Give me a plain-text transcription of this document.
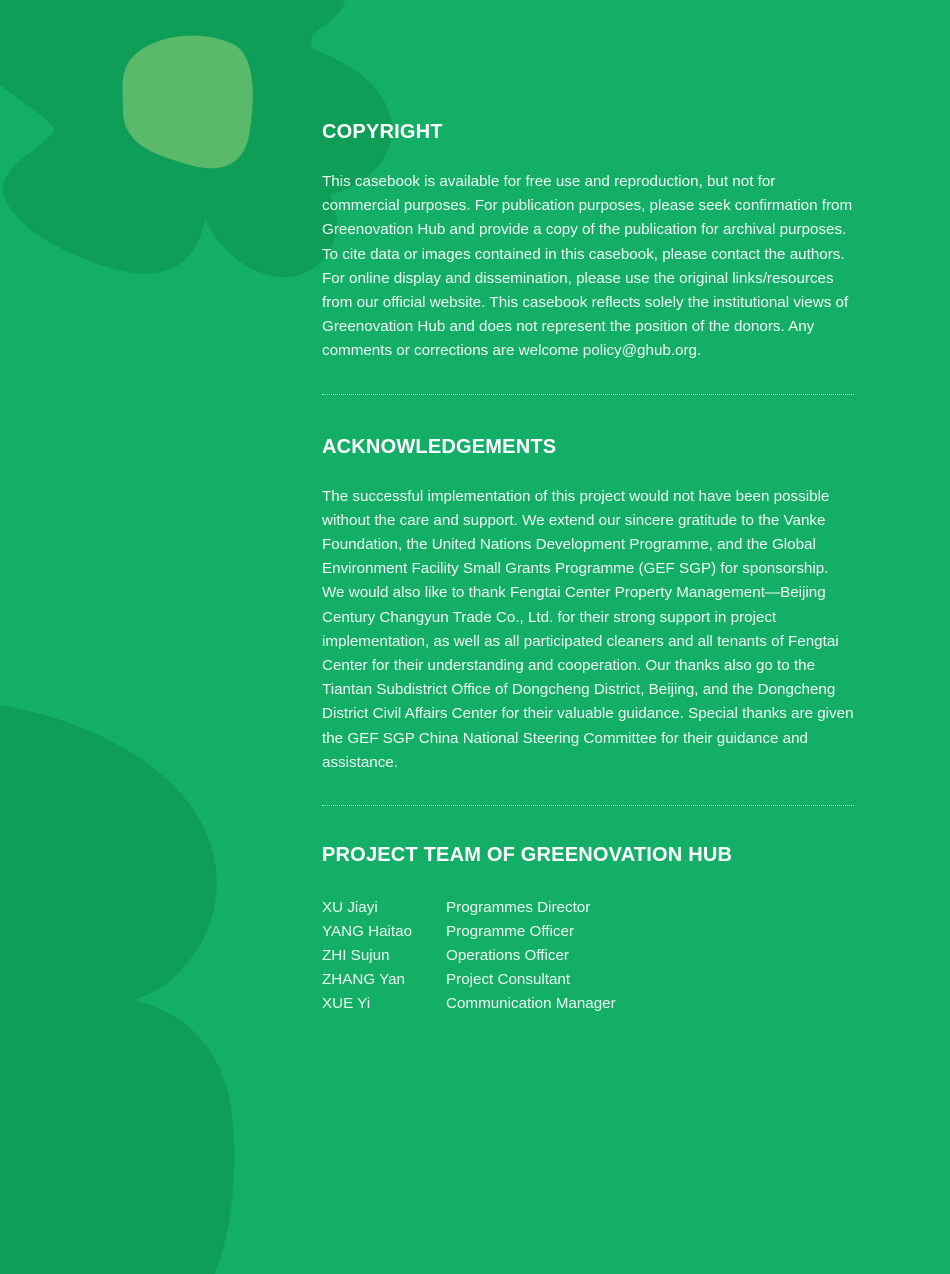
COPYRIGHT

This casebook is available for free use and reproduction, but not for commercial purposes. For publication purposes, please seek confirmation from Greenovation Hub and provide a copy of the publication for archival purposes. To cite data or images contained in this casebook, please contact the authors. For online display and dissemination, please use the original links/resources from our official website. This casebook reflects solely the institutional views of Greenovation Hub and does not represent the position of the donors. Any comments or corrections are welcome policy@ghub.org.

ACKNOWLEDGEMENTS

The successful implementation of this project would not have been possible without the care and support. We extend our sincere gratitude to the Vanke Foundation, the United Nations Development Programme, and the Global Environment Facility Small Grants Programme (GEF SGP) for sponsorship. We would also like to thank Fengtai Center Property Management—Beijing Century Changyun Trade Co., Ltd. for their strong support in project implementation, as well as all participated cleaners and all tenants of Fengtai Center for their understanding and cooperation. Our thanks also go to the Tiantan Subdistrict Office of Dongcheng District, Beijing, and the Dongcheng District Civil Affairs Center for their valuable guidance. Special thanks are given the GEF SGP China National Steering Committee for their guidance and assistance.

PROJECT TEAM OF GREENOVATION HUB
XU Jiayi	Programmes Director
YANG Haitao	Programme Officer
ZHI Sujun	Operations Officer
ZHANG Yan	Project Consultant
XUE Yi	Communication Manager
